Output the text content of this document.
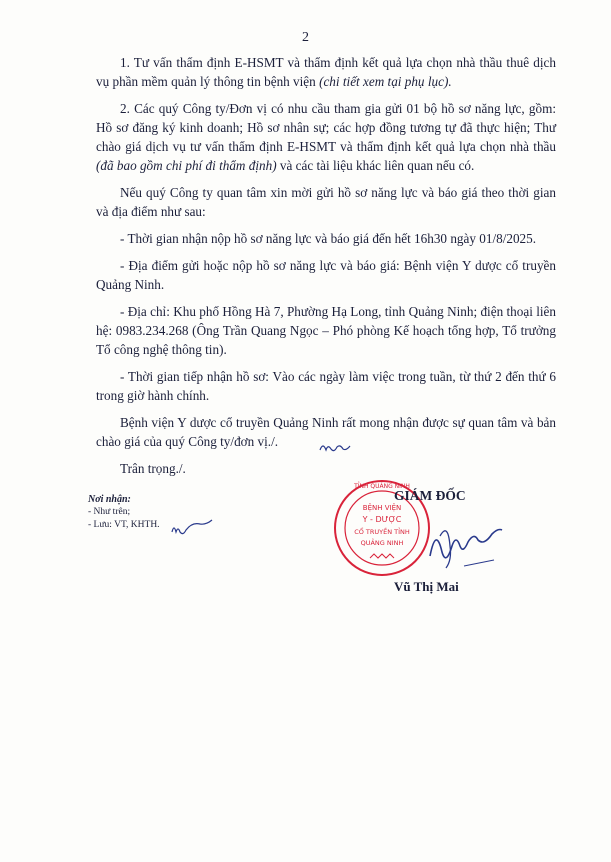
2

1. Tư vấn thẩm định E-HSMT và thẩm định kết quả lựa chọn nhà thầu thuê dịch vụ phần mềm quản lý thông tin bệnh viện (chi tiết xem tại phụ lục).

2. Các quý Công ty/Đơn vị có nhu cầu tham gia gửi 01 bộ hồ sơ năng lực, gồm: Hồ sơ đăng ký kinh doanh; Hồ sơ nhân sự; các hợp đồng tương tự đã thực hiện; Thư chào giá dịch vụ tư vấn thẩm định E-HSMT và thẩm định kết quả lựa chọn nhà thầu (đã bao gồm chi phí đi thẩm định) và các tài liệu khác liên quan nếu có.

Nếu quý Công ty quan tâm xin mời gửi hồ sơ năng lực và báo giá theo thời gian và địa điểm như sau:

- Thời gian nhận nộp hồ sơ năng lực và báo giá đến hết 16h30 ngày 01/8/2025.

- Địa điểm gửi hoặc nộp hồ sơ năng lực và báo giá: Bệnh viện Y dược cổ truyền Quảng Ninh.

- Địa chỉ: Khu phố Hồng Hà 7, Phường Hạ Long, tỉnh Quảng Ninh; điện thoại liên hệ: 0983.234.268 (Ông Trần Quang Ngọc – Phó phòng Kế hoạch tổng hợp, Tổ trưởng Tổ công nghệ thông tin).

- Thời gian tiếp nhận hồ sơ: Vào các ngày làm việc trong tuần, từ thứ 2 đến thứ 6 trong giờ hành chính.

Bệnh viện Y dược cổ truyền Quảng Ninh rất mong nhận được sự quan tâm và bản chào giá của quý Công ty/đơn vị./.

Trân trọng./.

Nơi nhận:
- Như trên;
- Lưu: VT, KHTH.
TỈNH QUẢNG NINH
BỆNH VIỆN
Y - DƯỢC
CỔ TRUYỀN TỈNH
QUẢNG NINH
GIÁM ĐỐC
Vũ Thị Mai
